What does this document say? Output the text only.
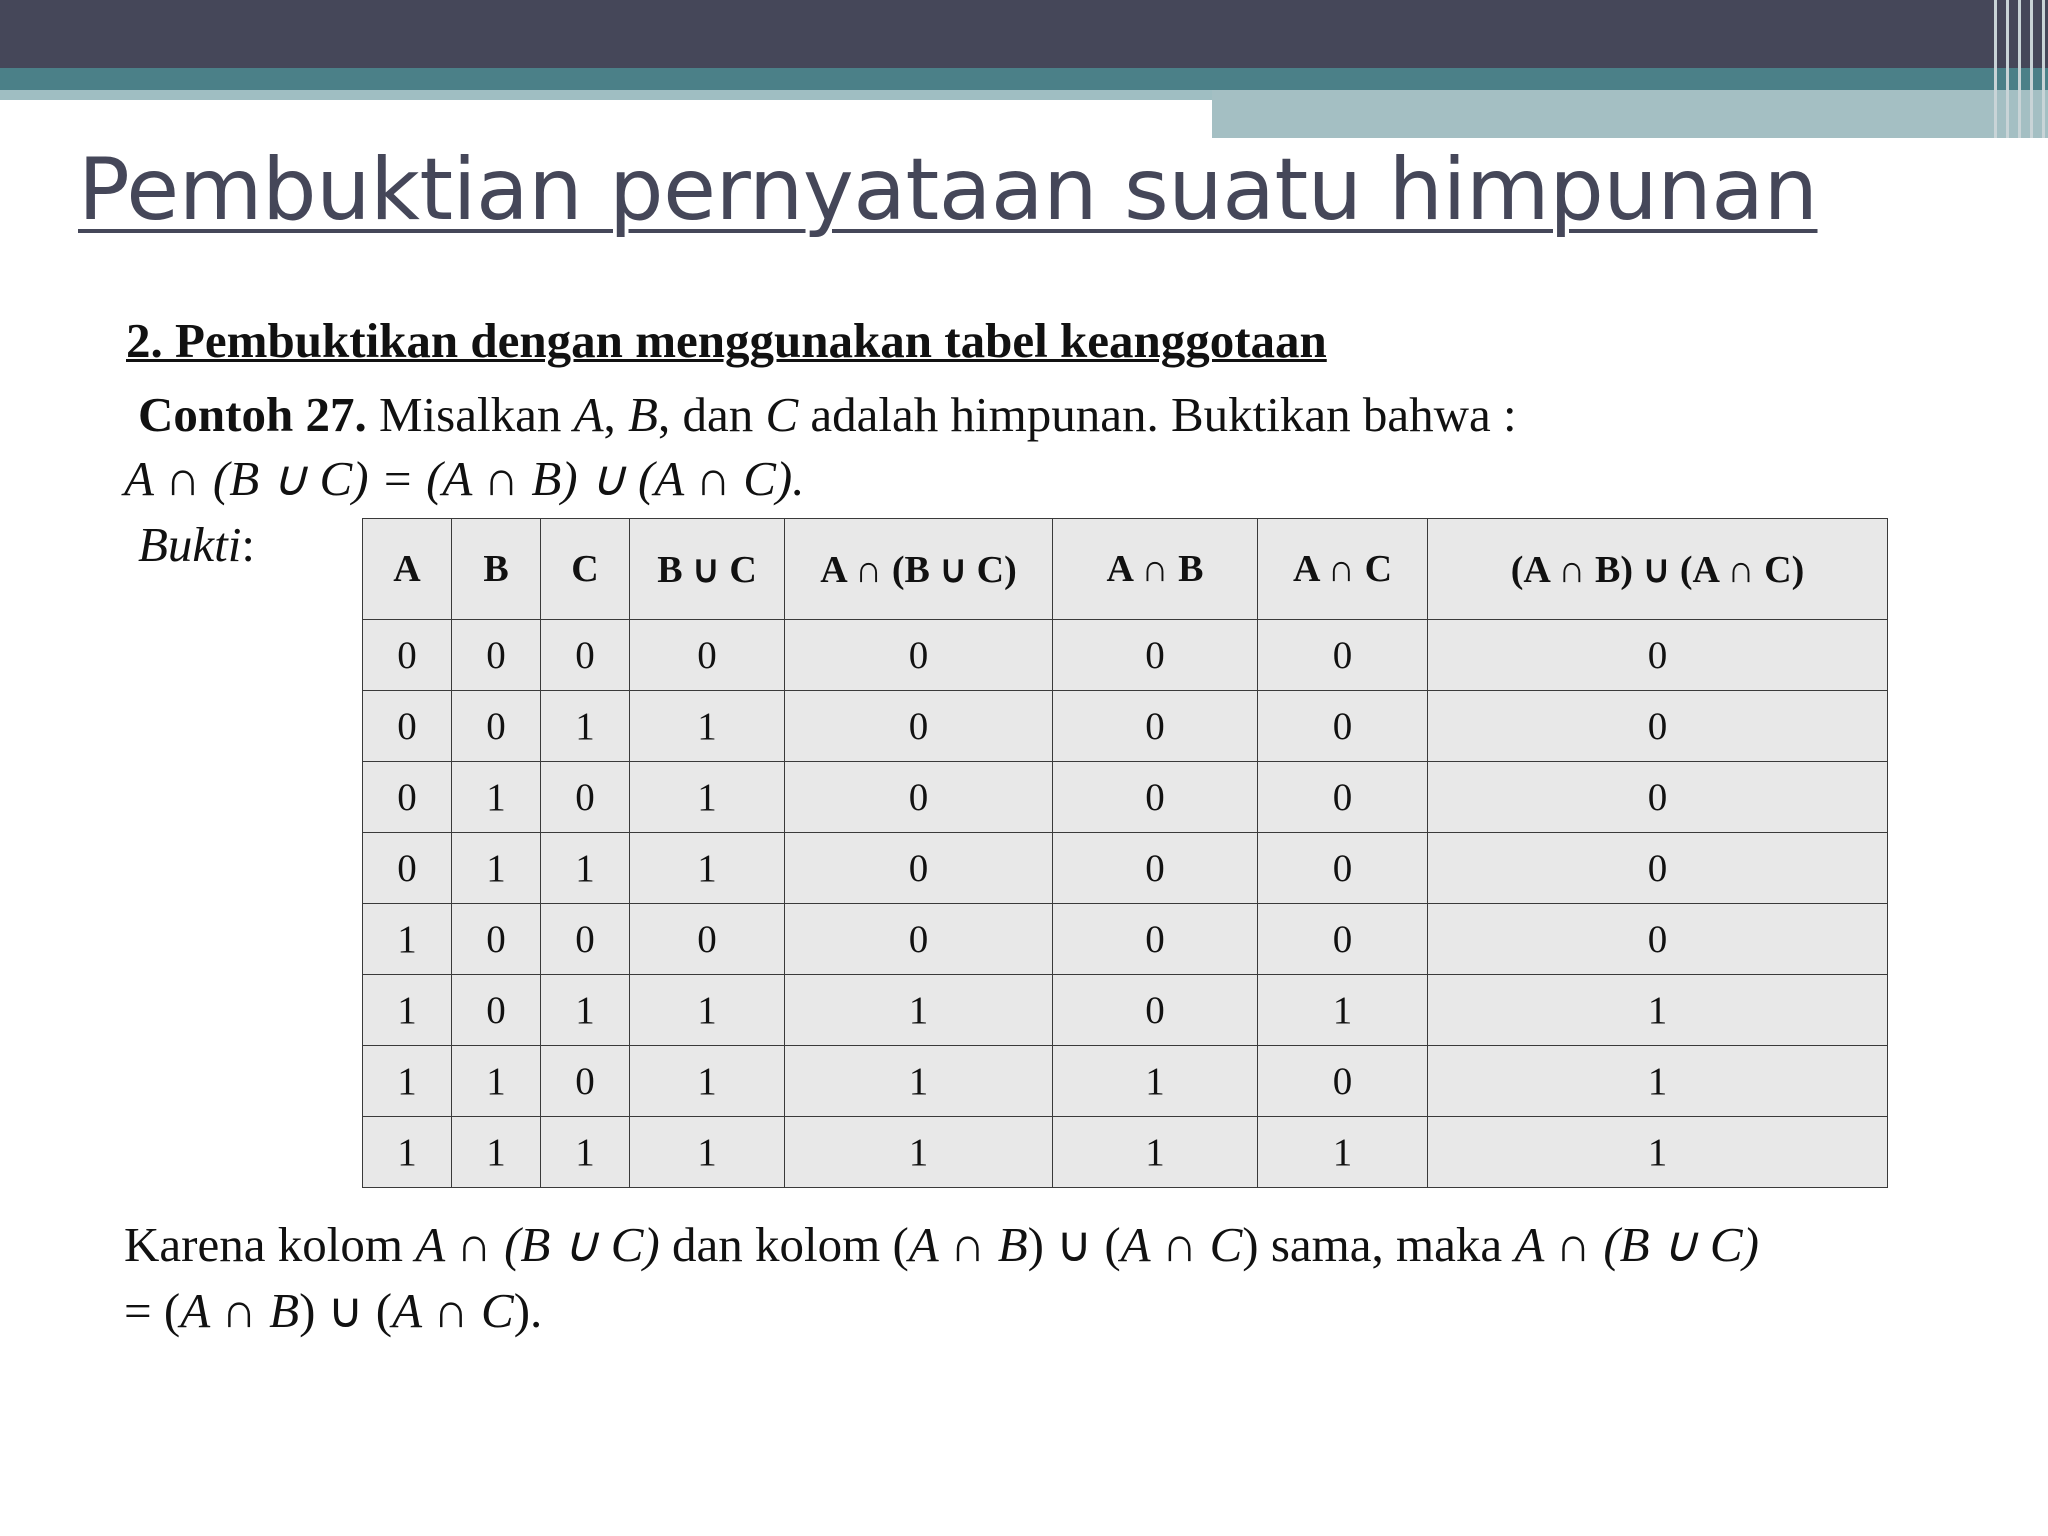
Pembuktian pernyataan suatu himpunan
2. Pembuktikan dengan menggunakan tabel keanggotaan
Contoh 27. Misalkan A, B, dan C adalah himpunan. Buktikan bahwa :
A ∩ (B ∪ C) = (A ∩ B) ∪ (A ∩ C).
Bukti:	A	B	C	B ∪ C	A ∩ (B ∪ C)	A ∩ B	A ∩ C	(A ∩ B) ∪ (A ∩ C)
0	0	0	0	0	0	0	0
0	0	1	1	0	0	0	0
0	1	0	1	0	0	0	0
0	1	1	1	0	0	0	0
1	0	0	0	0	0	0	0
1	0	1	1	1	0	1	1
1	1	0	1	1	1	0	1
1	1	1	1	1	1	1	1
Karena kolom A ∩ (B ∪ C) dan kolom (A ∩ B) ∪ (A ∩ C) sama, maka A ∩ (B ∪ C)
= (A ∩ B) ∪ (A ∩ C).
